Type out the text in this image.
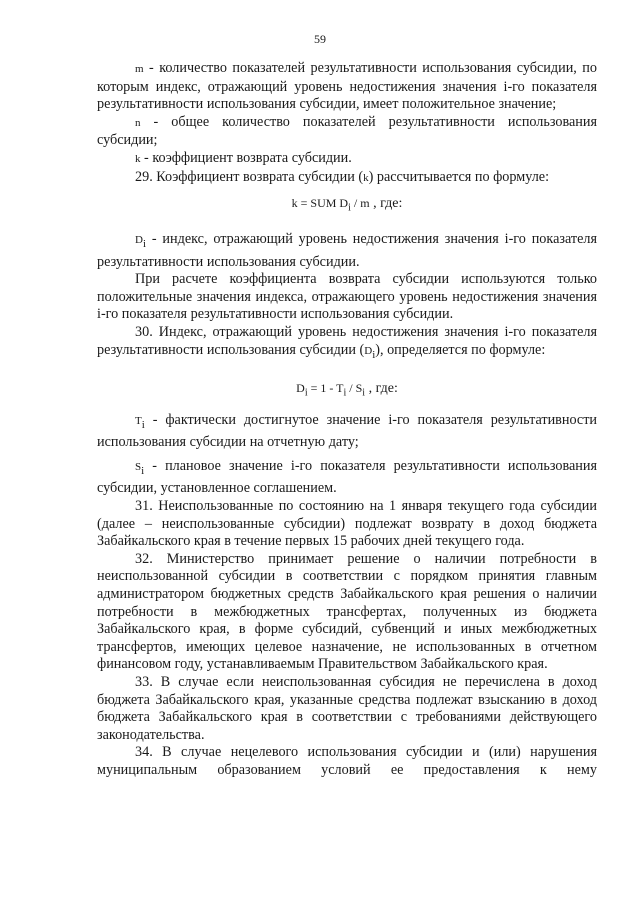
59

m - количество показателей результативности использования субсидии, по которым индекс, отражающий уровень недостижения значения i-го показателя результативности использования субсидии, имеет положительное значение;

n - общее количество показателей результативности использования субсидии;

k - коэффициент возврата субсидии.

29. Коэффициент возврата субсидии (k) рассчитывается по формуле:

k = SUM $D_i$ / m , где:

$D_i$ - индекс, отражающий уровень недостижения значения i-го показателя результативности использования субсидии.

При расчете коэффициента возврата субсидии используются только положительные значения индекса, отражающего уровень недостижения значения i-го показателя результативности использования субсидии.

30. Индекс, отражающий уровень недостижения значения i-го показателя результативности использования субсидии $(D_i)$, определяется по формуле:

$D_i = 1 - T_i / S_i$ , где:

$T_i$ - фактически достигнутое значение i-го показателя результативности использования субсидии на отчетную дату;

$S_i$ - плановое значение i-го показателя результативности использования субсидии, установленное соглашением.

31. Неиспользованные по состоянию на 1 января текущего года субсидии (далее – неиспользованные субсидии) подлежат возврату в доход бюджета Забайкальского края в течение первых 15 рабочих дней текущего года.

32. Министерство принимает решение о наличии потребности в неиспользованной субсидии в соответствии с порядком принятия главным администратором бюджетных средств Забайкальского края решения о наличии потребности в межбюджетных трансфертах, полученных из бюджета Забайкальского края, в форме субсидий, субвенций и иных межбюджетных трансфертов, имеющих целевое назначение, не использованных в отчетном финансовом году, устанавливаемым Правительством Забайкальского края.

33. В случае если неиспользованная субсидия не перечислена в доход бюджета Забайкальского края, указанные средства подлежат взысканию в доход бюджета Забайкальского края в соответствии с требованиями действующего законодательства.

34. В случае нецелевого использования субсидии и (или) нарушения муниципальным образованием условий ее предоставления к нему
